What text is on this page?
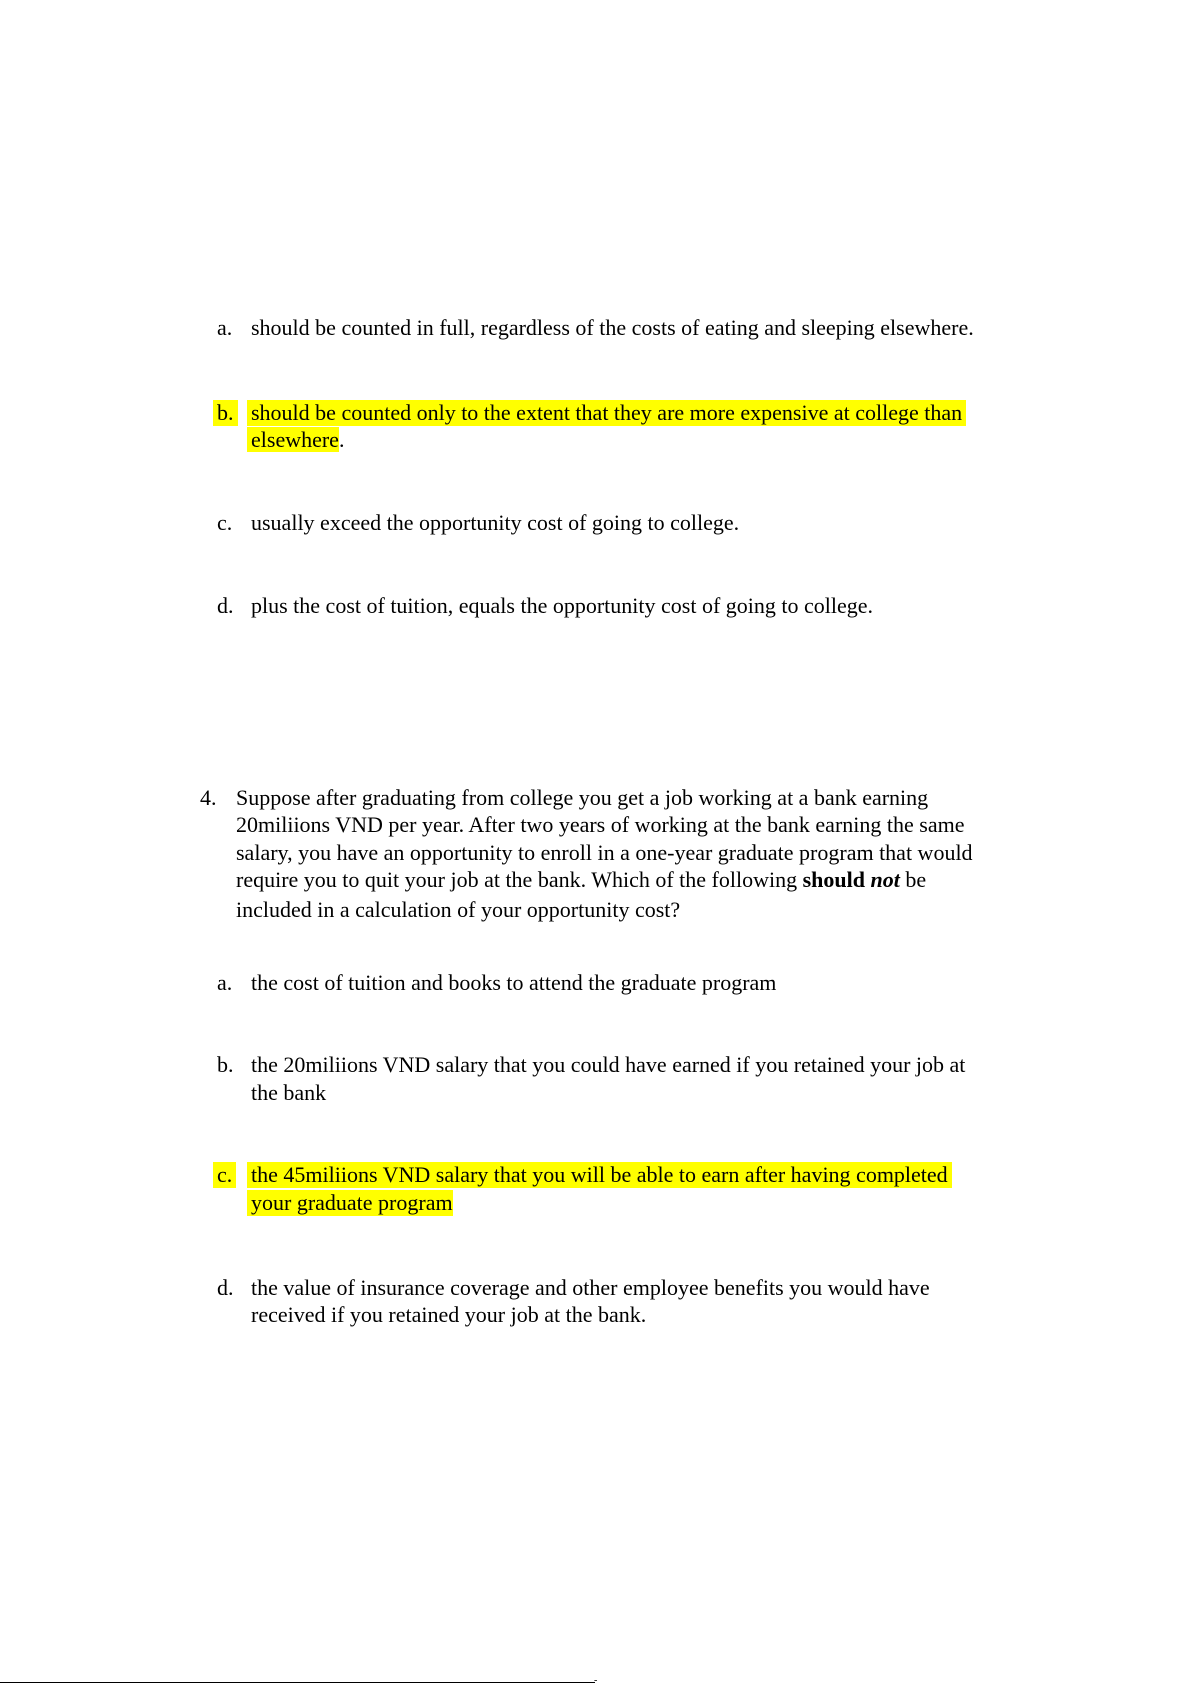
a. should be counted in full, regardless of the costs of eating and sleeping elsewhere.
b. should be counted only to the extent that they are more expensive at college than
elsewhere.
c. usually exceed the opportunity cost of going to college.
d. plus the cost of tuition, equals the opportunity cost of going to college.
4. Suppose after graduating from college you get a job working at a bank earning
20miliions VND per year. After two years of working at the bank earning the same
salary, you have an opportunity to enroll in a one-year graduate program that would
require you to quit your job at the bank. Which of the following should not be
included in a calculation of your opportunity cost?
a. the cost of tuition and books to attend the graduate program
b. the 20miliions VND salary that you could have earned if you retained your job at
the bank
c. the 45miliions VND salary that you will be able to earn after having completed
your graduate program
d. the value of insurance coverage and other employee benefits you would have
received if you retained your job at the bank.
-
